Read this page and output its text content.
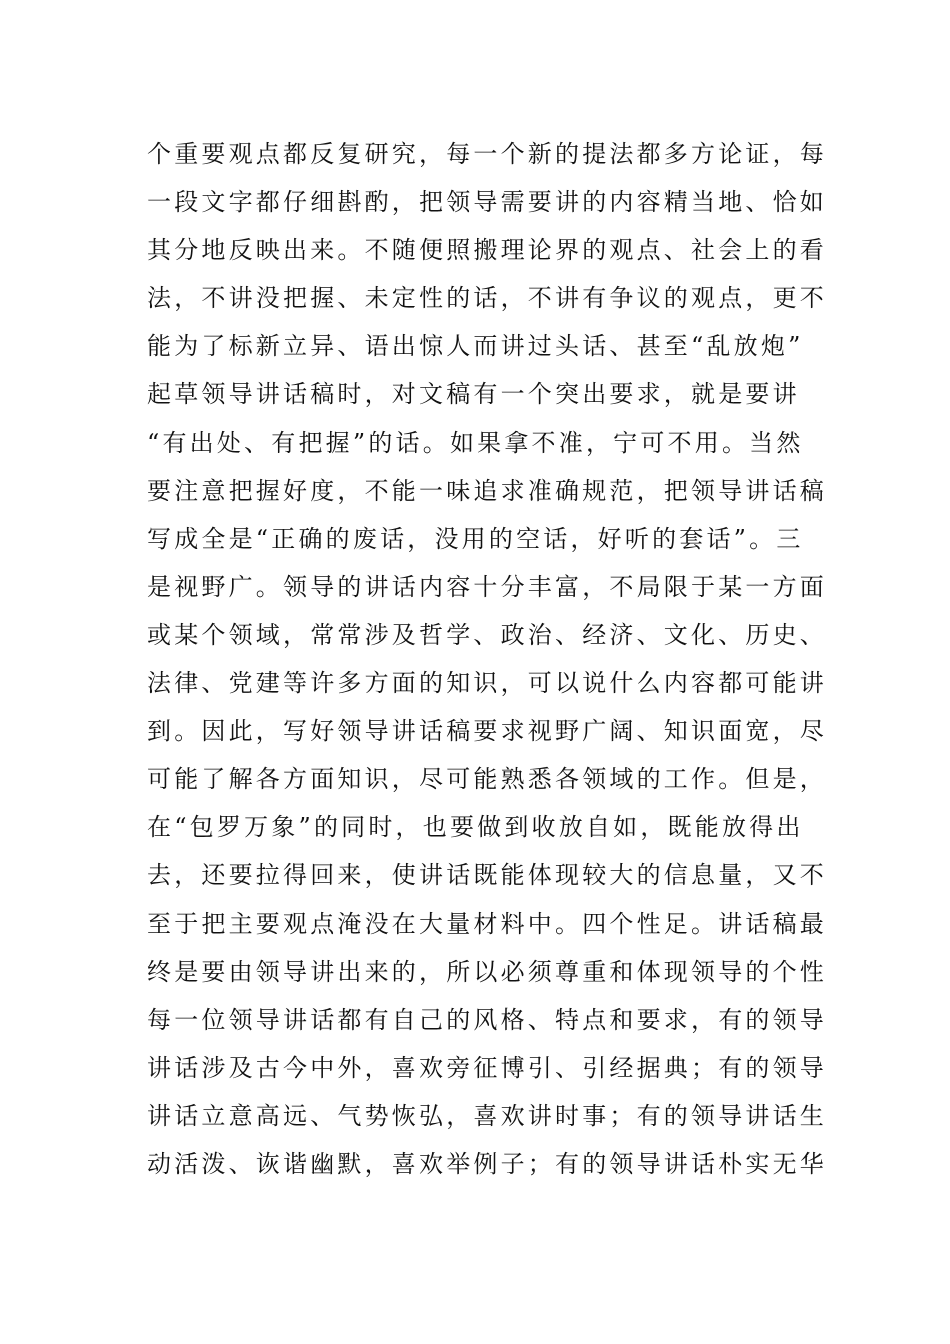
个重要观点都反复研究，每一个新的提法都多方论证，每
一段文字都仔细斟酌，把领导需要讲的内容精当地、恰如
其分地反映出来。不随便照搬理论界的观点、社会上的看
法，不讲没把握、未定性的话，不讲有争议的观点，更不
能为了标新立异、语出惊人而讲过头话、甚至“乱放炮”
起草领导讲话稿时，对文稿有一个突出要求，就是要讲
“有出处、有把握”的话。如果拿不准，宁可不用。当然
要注意把握好度，不能一味追求准确规范，把领导讲话稿
写成全是“正确的废话，没用的空话，好听的套话”。三
是视野广。领导的讲话内容十分丰富，不局限于某一方面
或某个领域，常常涉及哲学、政治、经济、文化、历史、
法律、党建等许多方面的知识，可以说什么内容都可能讲
到。因此，写好领导讲话稿要求视野广阔、知识面宽，尽
可能了解各方面知识，尽可能熟悉各领域的工作。但是，
在“包罗万象”的同时，也要做到收放自如，既能放得出
去，还要拉得回来，使讲话既能体现较大的信息量，又不
至于把主要观点淹没在大量材料中。四个性足。讲话稿最
终是要由领导讲出来的，所以必须尊重和体现领导的个性
每一位领导讲话都有自己的风格、特点和要求，有的领导
讲话涉及古今中外，喜欢旁征博引、引经据典；有的领导
讲话立意高远、气势恢弘，喜欢讲时事；有的领导讲话生
动活泼、诙谐幽默，喜欢举例子；有的领导讲话朴实无华
